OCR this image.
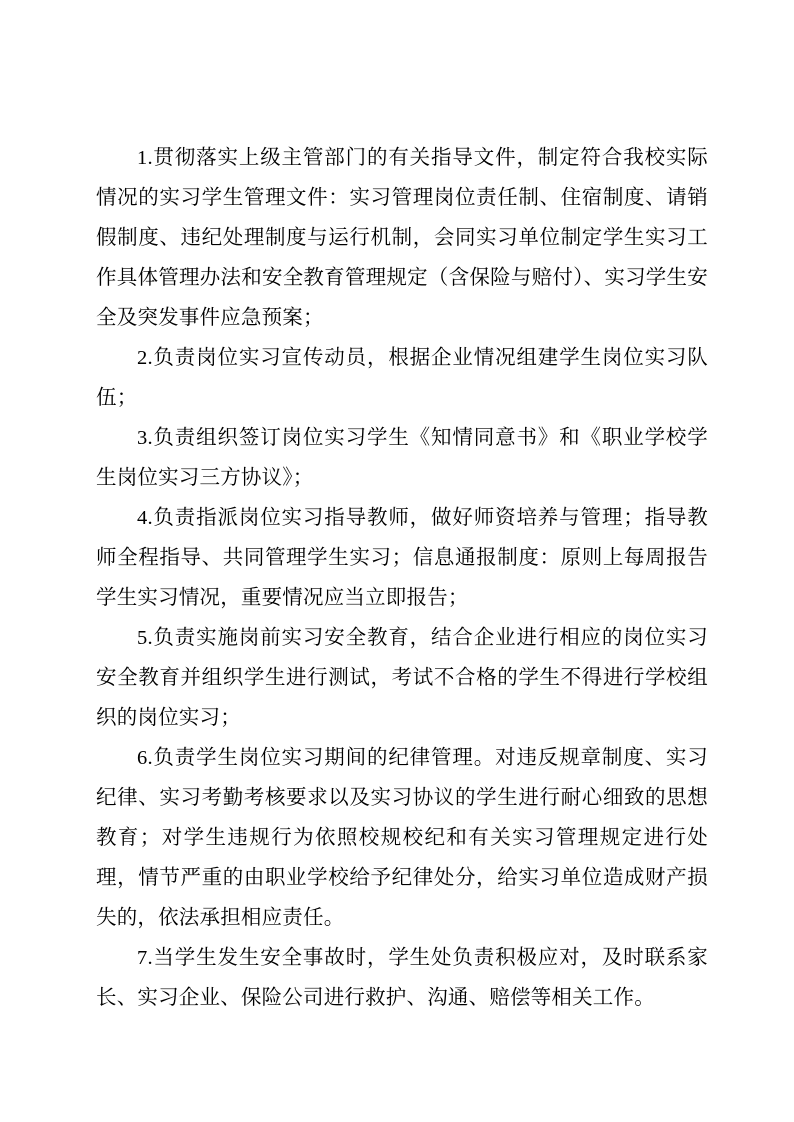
1.贯彻落实上级主管部门的有关指导文件，制定符合我校实际情况的实习学生管理文件：实习管理岗位责任制、住宿制度、请销假制度、违纪处理制度与运行机制，会同实习单位制定学生实习工作具体管理办法和安全教育管理规定（含保险与赔付）、实习学生安全及突发事件应急预案；

2.负责岗位实习宣传动员，根据企业情况组建学生岗位实习队伍；

3.负责组织签订岗位实习学生《知情同意书》和《职业学校学生岗位实习三方协议》；

4.负责指派岗位实习指导教师，做好师资培养与管理；指导教师全程指导、共同管理学生实习；信息通报制度：原则上每周报告学生实习情况，重要情况应当立即报告；

5.负责实施岗前实习安全教育，结合企业进行相应的岗位实习安全教育并组织学生进行测试，考试不合格的学生不得进行学校组织的岗位实习；

6.负责学生岗位实习期间的纪律管理。对违反规章制度、实习纪律、实习考勤考核要求以及实习协议的学生进行耐心细致的思想教育；对学生违规行为依照校规校纪和有关实习管理规定进行处理，情节严重的由职业学校给予纪律处分，给实习单位造成财产损失的，依法承担相应责任。

7.当学生发生安全事故时，学生处负责积极应对，及时联系家长、实习企业、保险公司进行救护、沟通、赔偿等相关工作。
